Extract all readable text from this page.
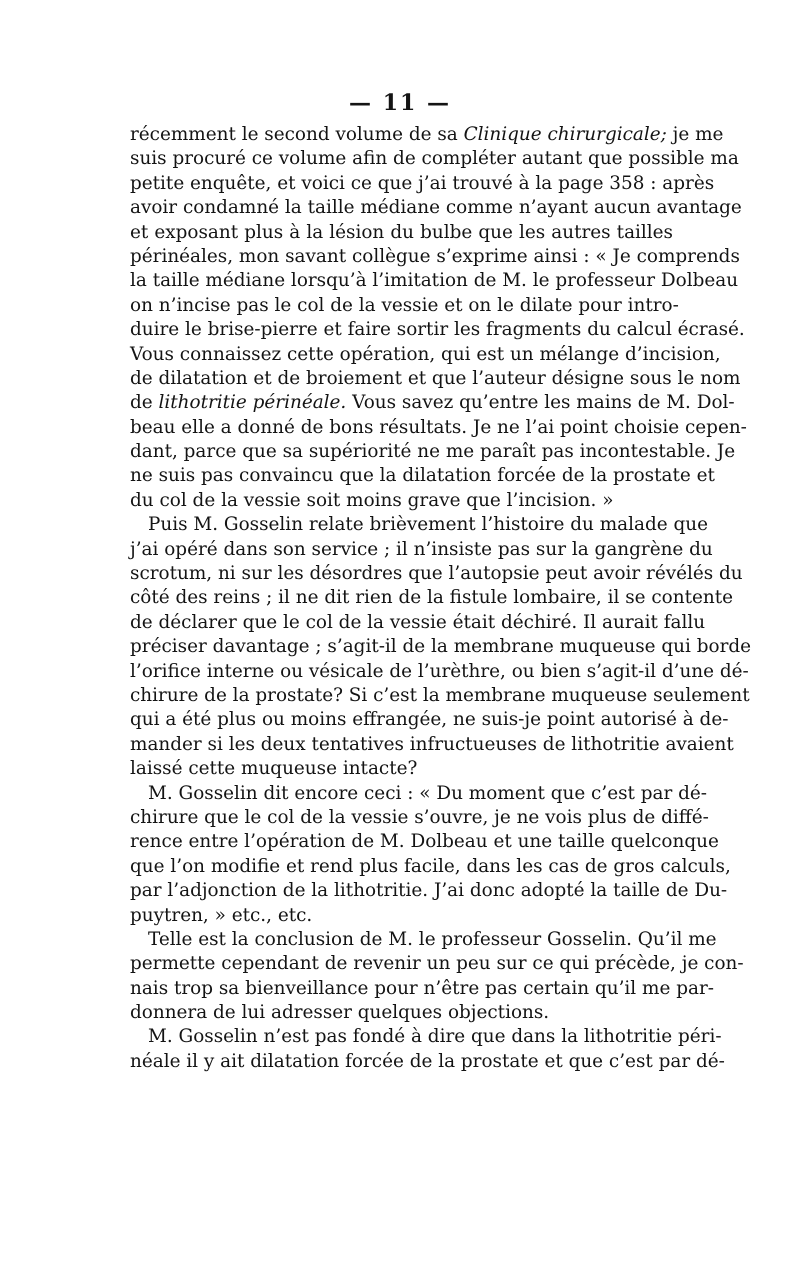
— 11 —
récemment le second volume de sa Clinique chirurgicale; je me
suis procuré ce volume afin de compléter autant que possible ma
petite enquête, et voici ce que j’ai trouvé à la page 358 : après
avoir condamné la taille médiane comme n’ayant aucun avantage
et exposant plus à la lésion du bulbe que les autres tailles
périnéales, mon savant collègue s’exprime ainsi : « Je comprends
la taille médiane lorsqu’à l’imitation de M. le professeur Dolbeau
on n’incise pas le col de la vessie et on le dilate pour intro-
duire le brise-pierre et faire sortir les fragments du calcul écrasé.
Vous connaissez cette opération, qui est un mélange d’incision,
de dilatation et de broiement et que l’auteur désigne sous le nom
de lithotritie périnéale. Vous savez qu’entre les mains de M. Dol-
beau elle a donné de bons résultats. Je ne l’ai point choisie cepen-
dant, parce que sa supériorité ne me paraît pas incontestable. Je
ne suis pas convaincu que la dilatation forcée de la prostate et
du col de la vessie soit moins grave que l’incision. »
Puis M. Gosselin relate brièvement l’histoire du malade que
j’ai opéré dans son service ; il n’insiste pas sur la gangrène du
scrotum, ni sur les désordres que l’autopsie peut avoir révélés du
côté des reins ; il ne dit rien de la fistule lombaire, il se contente
de déclarer que le col de la vessie était déchiré. Il aurait fallu
préciser davantage ; s’agit-il de la membrane muqueuse qui borde
l’orifice interne ou vésicale de l’urèthre, ou bien s’agit-il d’une dé-
chirure de la prostate? Si c’est la membrane muqueuse seulement
qui a été plus ou moins effrangée, ne suis-je point autorisé à de-
mander si les deux tentatives infructueuses de lithotritie avaient
laissé cette muqueuse intacte?
M. Gosselin dit encore ceci : « Du moment que c’est par dé-
chirure que le col de la vessie s’ouvre, je ne vois plus de diffé-
rence entre l’opération de M. Dolbeau et une taille quelconque
que l’on modifie et rend plus facile, dans les cas de gros calculs,
par l’adjonction de la lithotritie. J’ai donc adopté la taille de Du-
puytren, » etc., etc.
Telle est la conclusion de M. le professeur Gosselin. Qu’il me
permette cependant de revenir un peu sur ce qui précède, je con-
nais trop sa bienveillance pour n’être pas certain qu’il me par-
donnera de lui adresser quelques objections.
M. Gosselin n’est pas fondé à dire que dans la lithotritie péri-
néale il y ait dilatation forcée de la prostate et que c’est par dé-
